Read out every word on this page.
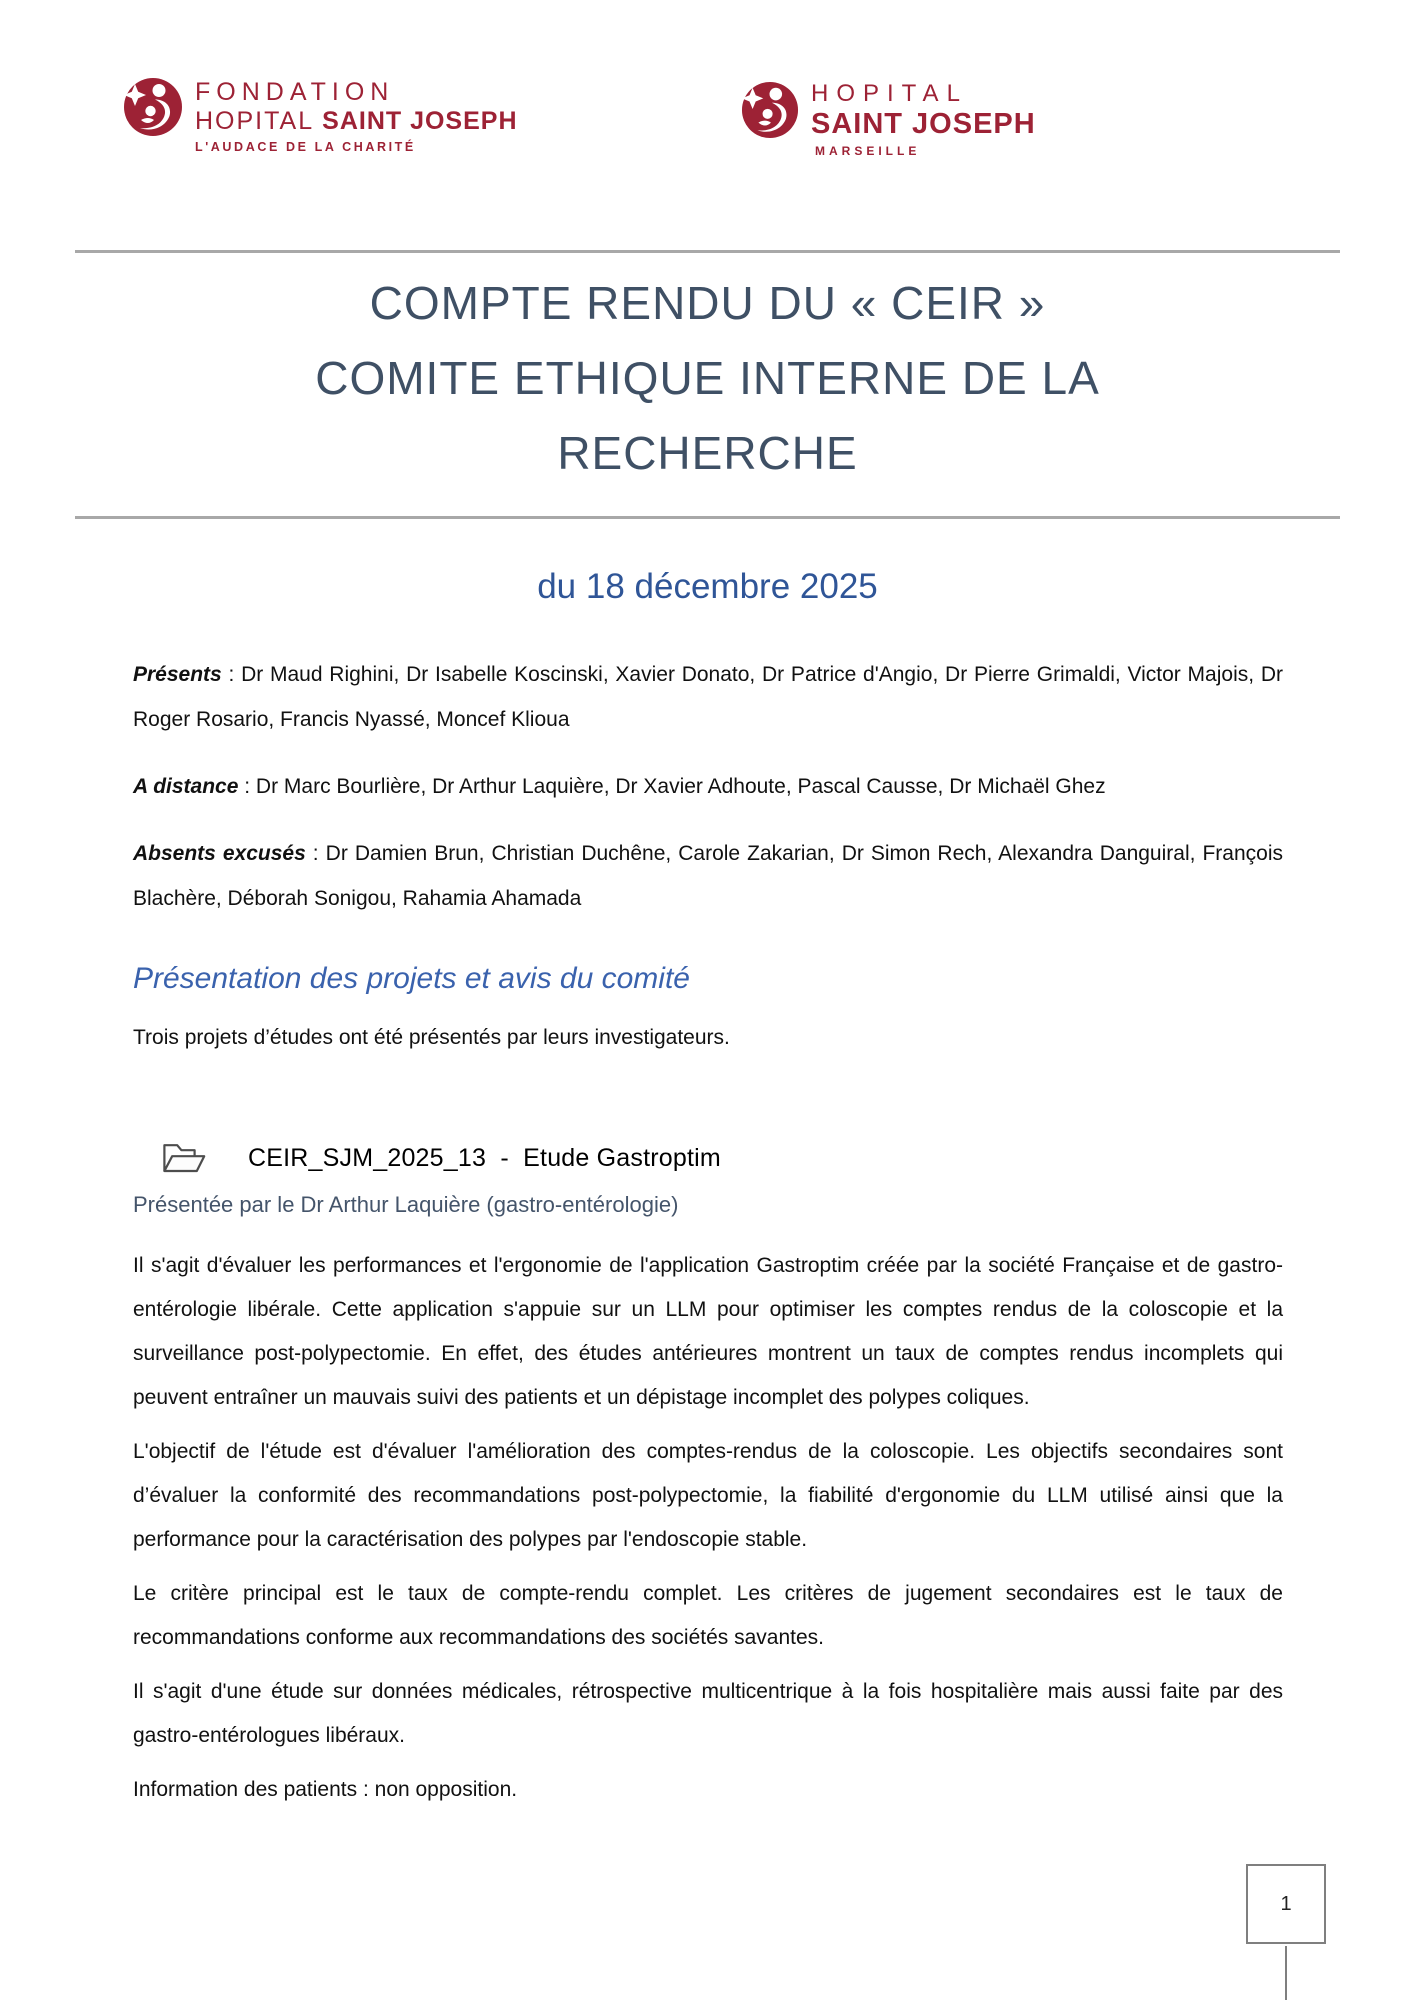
FONDATION
HOPITAL SAINT JOSEPH
L'AUDACE DE LA CHARITÉ
HOPITAL
SAINT JOSEPH
MARSEILLE
COMPTE RENDU DU « CEIR »
COMITE ETHIQUE INTERNE DE LA
RECHERCHE
du 18 décembre 2025

Présents : Dr Maud Righini, Dr Isabelle Koscinski, Xavier Donato, Dr Patrice d'Angio, Dr Pierre Grimaldi, Victor Majois, Dr Roger Rosario, Francis Nyassé, Moncef Klioua

A distance : Dr Marc Bourlière, Dr Arthur Laquière, Dr Xavier Adhoute, Pascal Causse, Dr Michaël Ghez

Absents excusés : Dr Damien Brun, Christian Duchêne, Carole Zakarian, Dr Simon Rech, Alexandra Danguiral, François Blachère, Déborah Sonigou, Rahamia Ahamada

Présentation des projets et avis du comité
Trois projets d’études ont été présentés par leurs investigateurs.
CEIR_SJM_2025_13  -  Etude Gastroptim
Présentée par le Dr Arthur Laquière (gastro-entérologie)

Il s'agit d'évaluer les performances et l'ergonomie de l'application Gastroptim créée par la société Française et de gastro-entérologie libérale. Cette application s'appuie sur un LLM pour optimiser les comptes rendus de la coloscopie et la surveillance post-polypectomie. En effet, des études antérieures montrent un taux de comptes rendus incomplets qui peuvent entraîner un mauvais suivi des patients et un dépistage incomplet des polypes coliques.

L'objectif de l'étude est d'évaluer l'amélioration des comptes-rendus de la coloscopie. Les objectifs secondaires sont d’évaluer la conformité des recommandations post-polypectomie, la fiabilité d'ergonomie du LLM utilisé ainsi que la performance pour la caractérisation des polypes par l'endoscopie stable.

Le critère principal est le taux de compte-rendu complet. Les critères de jugement secondaires est le taux de recommandations conforme aux recommandations des sociétés savantes.

Il s'agit d'une étude sur données médicales, rétrospective multicentrique à la fois hospitalière mais aussi faite par des gastro-entérologues libéraux.

Information des patients : non opposition.

1
